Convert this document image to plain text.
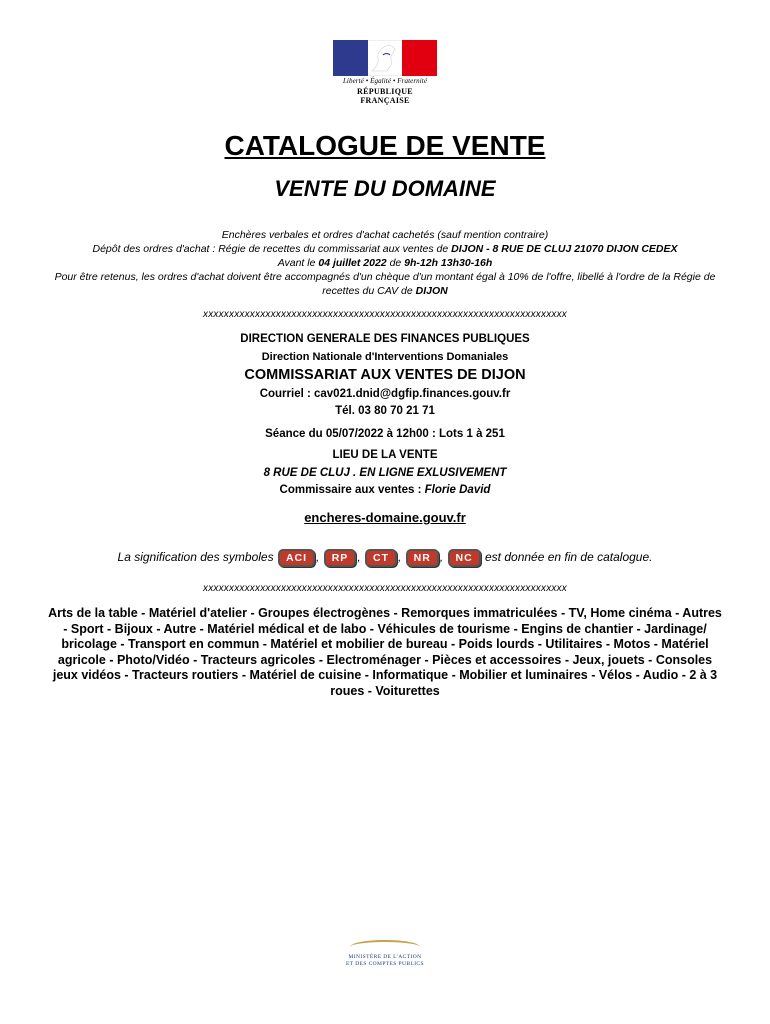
Liberté • Égalité • Fraternité
RÉPUBLIQUE FRANÇAISE
CATALOGUE DE VENTE
VENTE DU DOMAINE
Enchères verbales et ordres d'achat cachetés (sauf mention contraire)
Dépôt des ordres d'achat : Régie de recettes du commissariat aux ventes de DIJON - 8 RUE DE CLUJ 21070 DIJON CEDEX
Avant le 04 juillet 2022 de 9h-12h 13h30-16h
Pour être retenus, les ordres d'achat doivent être accompagnés d'un chèque d'un montant égal à 10% de l'offre, libellé à l'ordre de la Régie de recettes du CAV de DIJON
xxxxxxxxxxxxxxxxxxxxxxxxxxxxxxxxxxxxxxxxxxxxxxxxxxxxxxxxxxxxxxxxxxxxxx
DIRECTION GENERALE DES FINANCES PUBLIQUES
Direction Nationale d'Interventions Domaniales
COMMISSARIAT AUX VENTES DE DIJON
Courriel : cav021.dnid@dgfip.finances.gouv.fr
Tél. 03 80 70 21 71
Séance du 05/07/2022 à 12h00 : Lots 1 à 251
LIEU DE LA VENTE
8 RUE DE CLUJ . EN LIGNE EXLUSIVEMENT
Commissaire aux ventes : Florie David
encheres-domaine.gouv.fr
La signification des symboles ACI , RP , CT , NR , NC est donnée en fin de catalogue.
xxxxxxxxxxxxxxxxxxxxxxxxxxxxxxxxxxxxxxxxxxxxxxxxxxxxxxxxxxxxxxxxxxxxxx
Arts de la table - Matériel d'atelier - Groupes électrogènes - Remorques immatriculées - TV, Home cinéma - Autres - Sport - Bijoux - Autre - Matériel médical et de labo - Véhicules de tourisme - Engins de chantier - Jardinage/ bricolage - Transport en commun - Matériel et mobilier de bureau - Poids lourds - Utilitaires - Motos - Matériel agricole - Photo/Vidéo - Tracteurs agricoles - Electroménager - Pièces et accessoires - Jeux, jouets - Consoles jeux vidéos - Tracteurs routiers - Matériel de cuisine - Informatique - Mobilier et luminaires - Vélos - Audio - 2 à 3 roues - Voiturettes
MINISTÈRE DE L'ACTION
ET DES COMPTES PUBLICS
